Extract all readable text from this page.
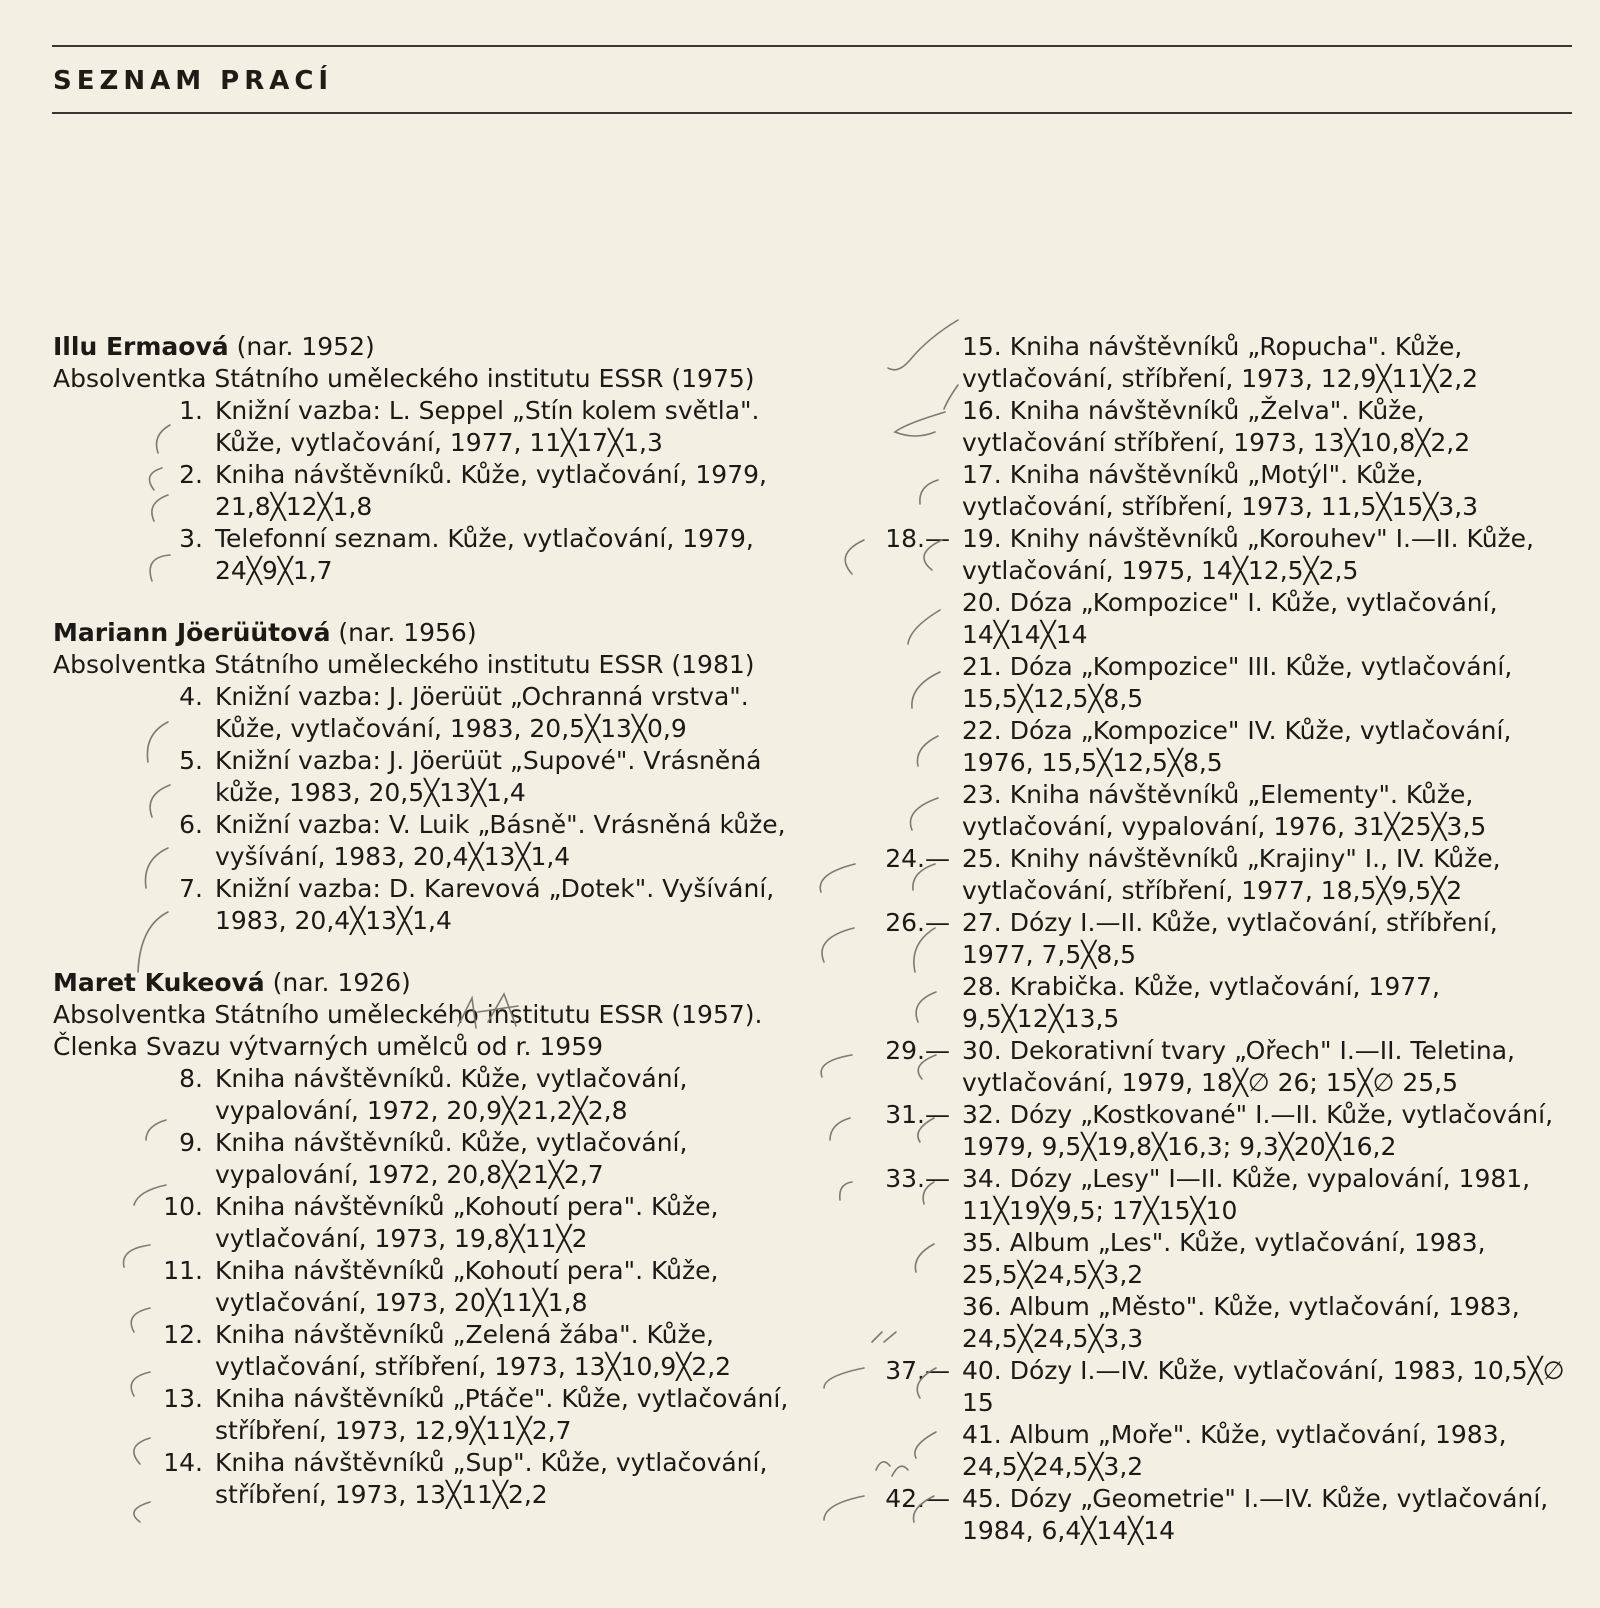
SEZNAM PRACÍ

Illu Ermaová (nar. 1952)

Absolventka Státního uměleckého institutu ESSR (1975)

1. Knižní vazba: L. Seppel „Stín kolem světla". Kůže, vytlačování, 1977, 11╳17╳1,3
2. Kniha návštěvníků. Kůže, vytlačování, 1979, 21,8╳12╳1,8
3. Telefonní seznam. Kůže, vytlačování, 1979, 24╳9╳1,7

Mariann Jöerüütová (nar. 1956)

Absolventka Státního uměleckého institutu ESSR (1981)

4. Knižní vazba: J. Jöerüüt „Ochranná vrstva". Kůže, vytlačování, 1983, 20,5╳13╳0,9
5. Knižní vazba: J. Jöerüüt „Supové". Vrásněná kůže, 1983, 20,5╳13╳1,4
6. Knižní vazba: V. Luik „Básně". Vrásněná kůže, vyšívání, 1983, 20,4╳13╳1,4
7. Knižní vazba: D. Karevová „Dotek". Vyšívání, 1983, 20,4╳13╳1,4

Maret Kukeová (nar. 1926)

Absolventka Státního uměleckého institutu ESSR (1957).

Členka Svazu výtvarných umělců od r. 1959

8. Kniha návštěvníků. Kůže, vytlačování, vypalování, 1972, 20,9╳21,2╳2,8
9. Kniha návštěvníků. Kůže, vytlačování, vypalování, 1972, 20,8╳21╳2,7
10. Kniha návštěvníků „Kohoutí pera". Kůže, vytlačování, 1973, 19,8╳11╳2
11. Kniha návštěvníků „Kohoutí pera". Kůže, vytlačování, 1973, 20╳11╳1,8
12. Kniha návštěvníků „Zelená žába". Kůže, vytlačování, stříbření, 1973, 13╳10,9╳2,2
13. Kniha návštěvníků „Ptáče". Kůže, vytlačování, stříbření, 1973, 12,9╳11╳2,7
14. Kniha návštěvníků „Sup". Kůže, vytlačování, stříbření, 1973, 13╳11╳2,2
15. Kniha návštěvníků „Ropucha". Kůže, vytlačování, stříbření, 1973, 12,9╳11╳2,2
16. Kniha návštěvníků „Želva". Kůže, vytlačování stříbření, 1973, 13╳10,8╳2,2
17. Kniha návštěvníků „Motýl". Kůže, vytlačování, stříbření, 1973, 11,5╳15╳3,3
18.— 19. Knihy návštěvníků „Korouhev" I.—II. Kůže, vytlačování, 1975, 14╳12,5╳2,5
20. Dóza „Kompozice" I. Kůže, vytlačování, 14╳14╳14
21. Dóza „Kompozice" III. Kůže, vytlačování, 15,5╳12,5╳8,5
22. Dóza „Kompozice" IV. Kůže, vytlačování, 1976, 15,5╳12,5╳8,5
23. Kniha návštěvníků „Elementy". Kůže, vytlačování, vypalování, 1976, 31╳25╳3,5
24.— 25. Knihy návštěvníků „Krajiny" I., IV. Kůže, vytlačování, stříbření, 1977, 18,5╳9,5╳2
26.— 27. Dózy I.—II. Kůže, vytlačování, stříbření, 1977, 7,5╳8,5
28. Krabička. Kůže, vytlačování, 1977, 9,5╳12╳13,5
29.— 30. Dekorativní tvary „Ořech" I.—II. Teletina, vytlačování, 1979, 18╳∅ 26; 15╳∅ 25,5
31.— 32. Dózy „Kostkované" I.—II. Kůže, vytlačování, 1979, 9,5╳19,8╳16,3; 9,3╳20╳16,2
33.— 34. Dózy „Lesy" I—II. Kůže, vypalování, 1981, 11╳19╳9,5; 17╳15╳10
35. Album „Les". Kůže, vytlačování, 1983, 25,5╳24,5╳3,2
36. Album „Město". Kůže, vytlačování, 1983, 24,5╳24,5╳3,3
37.— 40. Dózy I.—IV. Kůže, vytlačování, 1983, 10,5╳∅ 15
41. Album „Moře". Kůže, vytlačování, 1983, 24,5╳24,5╳3,2
42.— 45. Dózy „Geometrie" I.—IV. Kůže, vytlačování, 1984, 6,4╳14╳14
